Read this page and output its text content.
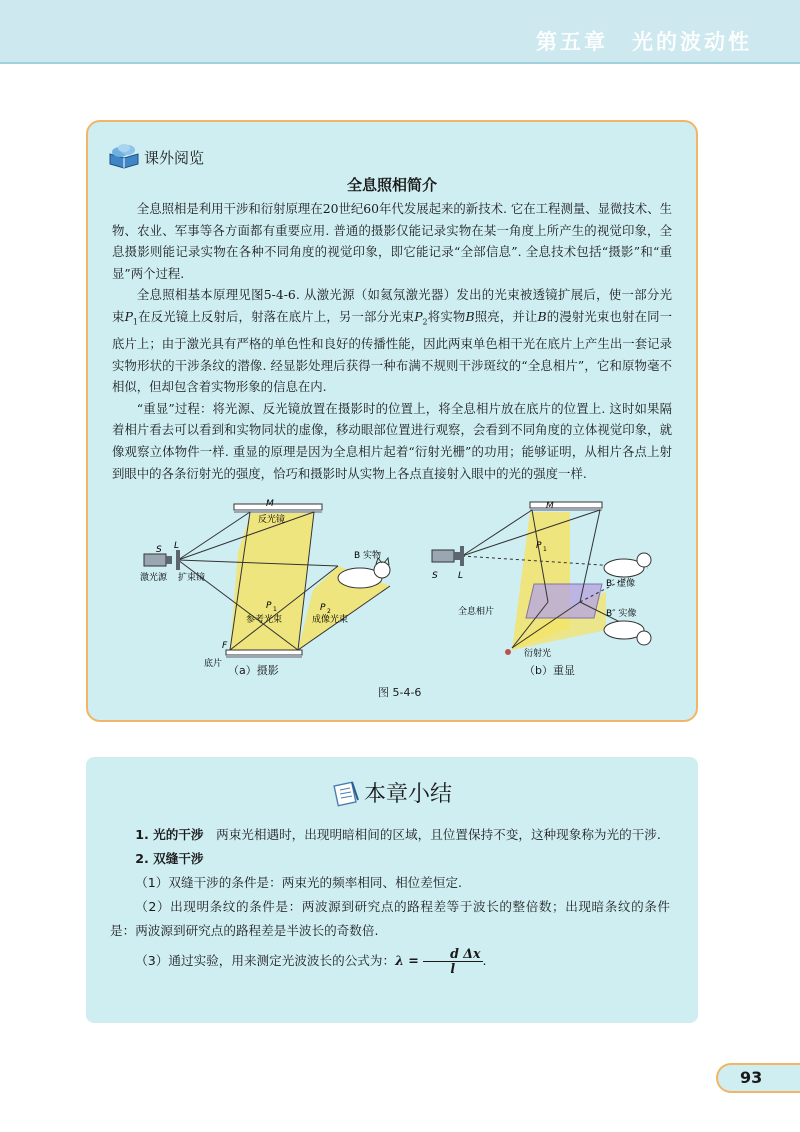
第五章　光的波动性
课外阅览
全息照相简介

全息照相是利用干涉和衍射原理在20世纪60年代发展起来的新技术. 它在工程测量、显微技术、生物、农业、军事等各方面都有重要应用. 普通的摄影仅能记录实物在某一角度上所产生的视觉印象，全息摄影则能记录实物在各种不同角度的视觉印象，即它能记录“全部信息”. 全息技术包括“摄影”和“重显”两个过程.

全息照相基本原理见图5-4-6. 从激光源（如氦氖激光器）发出的光束被透镜扩展后，使一部分光束$P_1$在反光镜上反射后，射落在底片上，另一部分光束$P_2$将实物B照亮，并让B的漫射光束也射在同一底片上；由于激光具有严格的单色性和良好的传播性能，因此两束单色相干光在底片上产生出一套记录实物形状的干涉条纹的潜像. 经显影处理后获得一种布满不规则干涉斑纹的“全息相片”，它和原物毫不相似，但却包含着实物形象的信息在内.

“重显”过程：将光源、反光镜放置在摄影时的位置上，将全息相片放在底片的位置上. 这时如果隔着相片看去可以看到和实物同状的虚像，移动眼部位置进行观察，会看到不同角度的立体视觉印象，就像观察立体物件一样. 重显的原理是因为全息相片起着“衍射光栅”的功用；能够证明，从相片各点上射到眼中的各条衍射光的强度，恰巧和摄影时从实物上各点直接射入眼中的光的强度一样.

M
反光镜
S L
激光源 扩束镜
B 实物
P 1	P 2
参考光束	成像光束
F
底片 （a）摄影
M
P 1
S L
B′ 虚像
B″ 实像
全息相片
衍射光
（b）重显
图 5-4-6
本章小结

1. 光的干涉　两束光相遇时，出现明暗相间的区域，且位置保持不变，这种现象称为光的干涉.

2. 双缝干涉

（1）双缝干涉的条件是：两束光的频率相同、相位差恒定.

（2）出现明条纹的条件是：两波源到研究点的路程差等于波长的整倍数；出现暗条纹的条件是：两波源到研究点的路程差是半波长的奇数倍.

（3）通过实验，用来测定光波波长的公式为：$\lambda = \frac{\text{d Δx}}{l}$.

93
